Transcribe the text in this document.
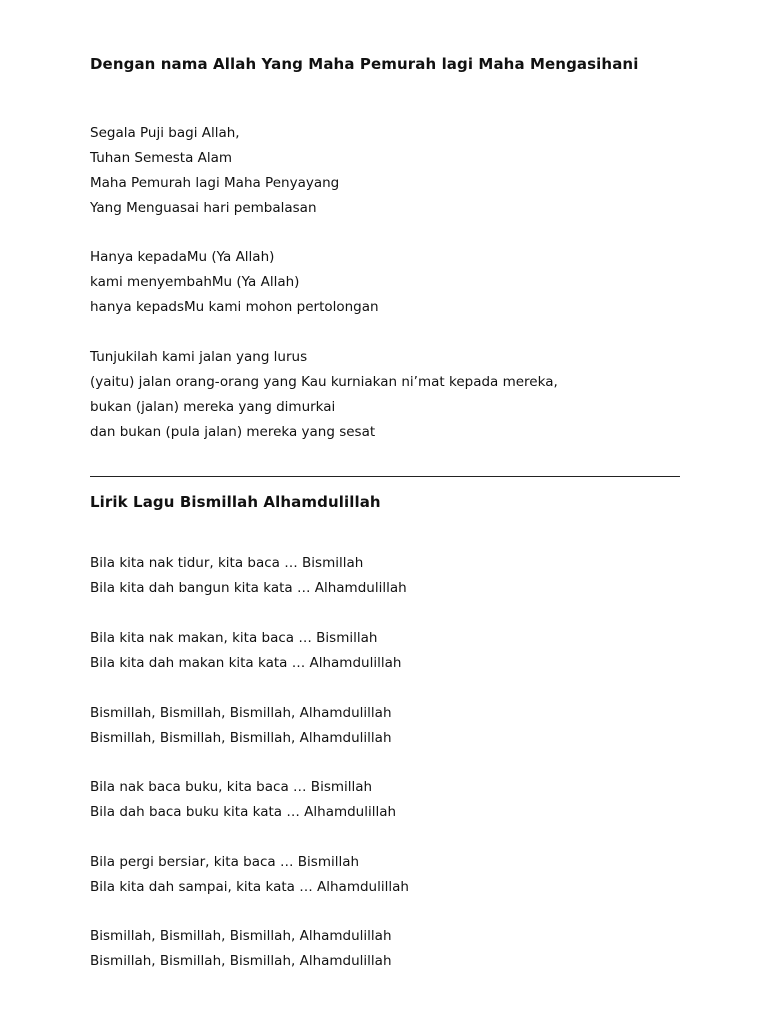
Dengan nama Allah Yang Maha Pemurah lagi Maha Mengasihani
Segala Puji bagi Allah,
Tuhan Semesta Alam
Maha Pemurah lagi Maha Penyayang
Yang Menguasai hari pembalasan
Hanya kepadaMu (Ya Allah)
kami menyembahMu (Ya Allah)
hanya kepadsMu kami mohon pertolongan
Tunjukilah kami jalan yang lurus
(yaitu) jalan orang-orang yang Kau kurniakan ni’mat kepada mereka,
bukan (jalan) mereka yang dimurkai
dan bukan (pula jalan) mereka yang sesat
Lirik Lagu Bismillah Alhamdulillah
Bila kita nak tidur, kita baca … Bismillah
Bila kita dah bangun kita kata … Alhamdulillah
Bila kita nak makan, kita baca … Bismillah
Bila kita dah makan kita kata … Alhamdulillah
Bismillah, Bismillah, Bismillah, Alhamdulillah
Bismillah, Bismillah, Bismillah, Alhamdulillah
Bila nak baca buku, kita baca … Bismillah
Bila dah baca buku kita kata … Alhamdulillah
Bila pergi bersiar, kita baca … Bismillah
Bila kita dah sampai, kita kata … Alhamdulillah
Bismillah, Bismillah, Bismillah, Alhamdulillah
Bismillah, Bismillah, Bismillah, Alhamdulillah
